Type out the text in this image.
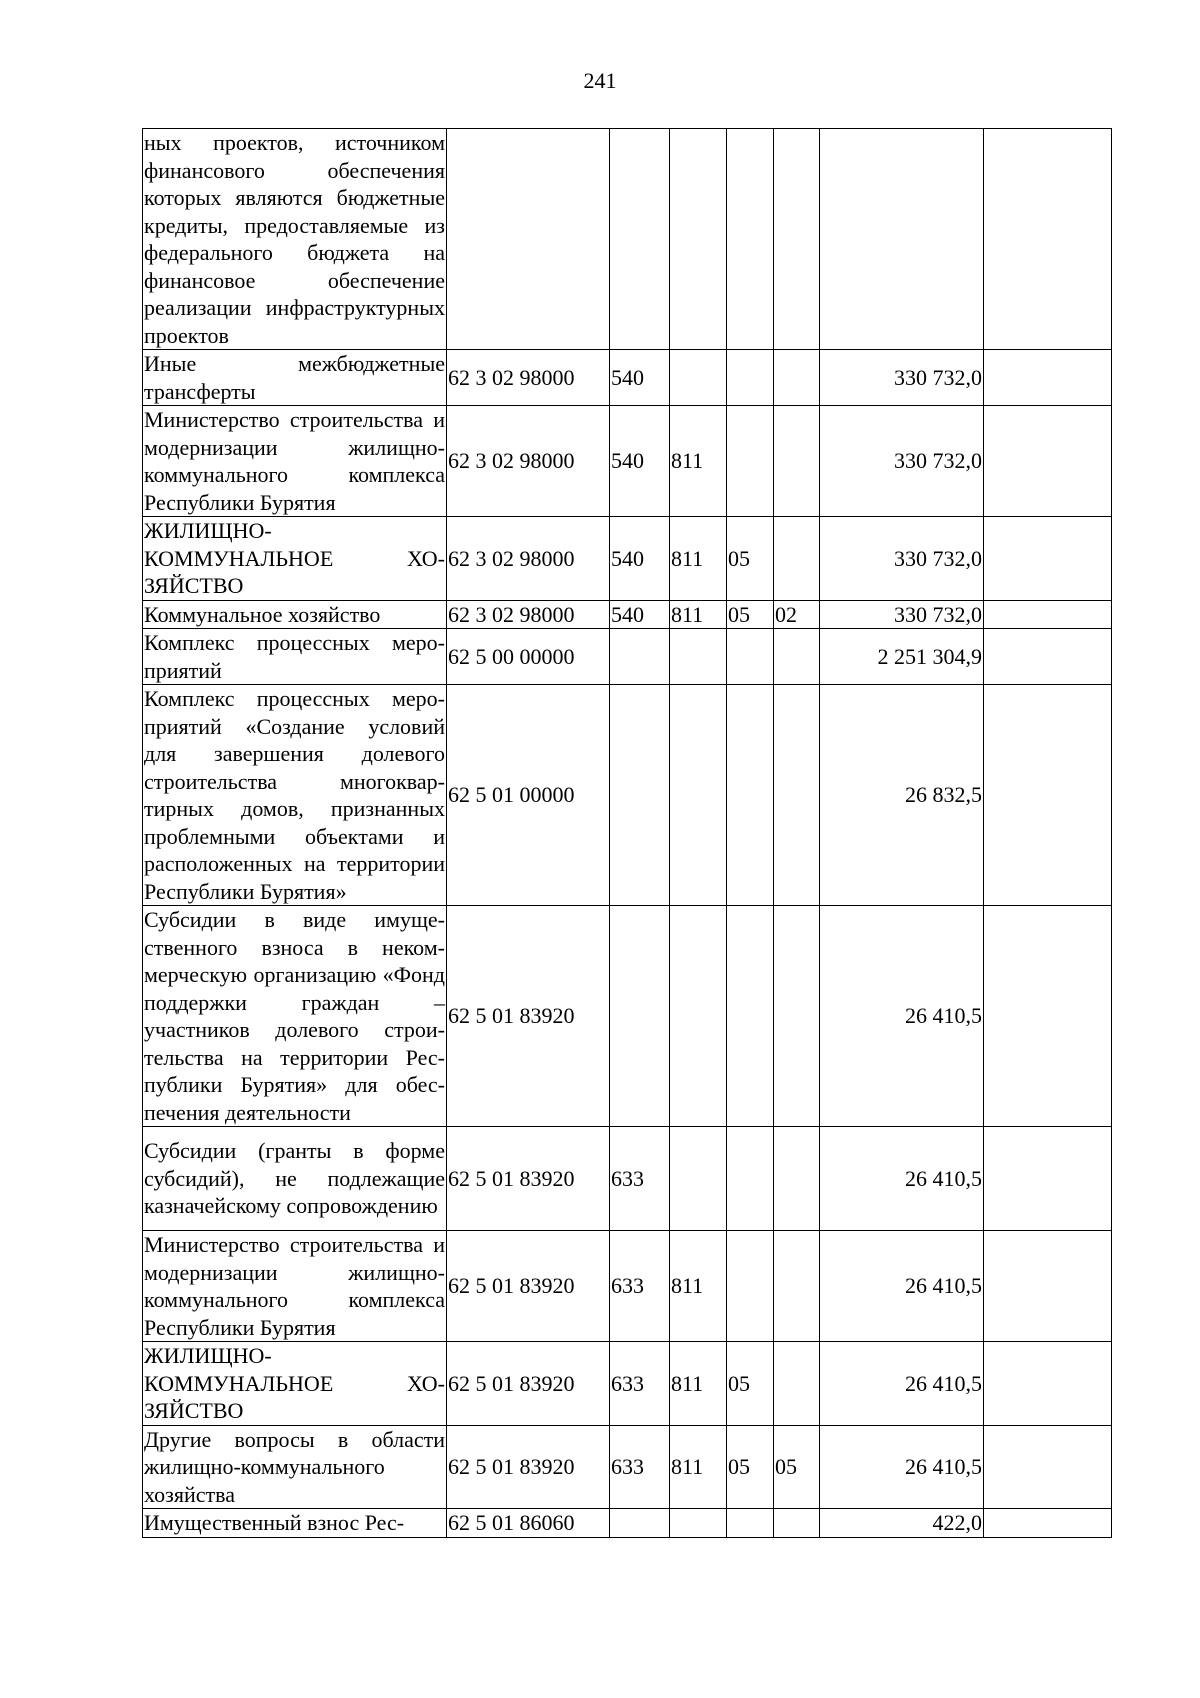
241
ных проектов, источником финансового обеспечения которых являются бюджетные кредиты, предоставляемые из федерального бюджета на финансовое обеспечение реализации инфраструктурных проектов							
Иные межбюджетные трансферты	62 3 02 98000	540				330 732,0	
Министерство строительства и модернизации жилищно-коммунального комплекса Республики Бурятия	62 3 02 98000	540	811			330 732,0	
ЖИЛИЩНО-КОММУНАЛЬНОЕ ХОЗЯЙСТВО	62 3 02 98000	540	811	05		330 732,0	
Коммунальное хозяйство	62 3 02 98000	540	811	05	02	330 732,0	
Комплекс процессных мероприятий	62 5 00 00000					2 251 304,9	
Комплекс процессных мероприятий «Создание условий для завершения долевого строительства многоквартирных домов, признанных проблемными объектами и расположенных на территории Республики Бурятия»	62 5 01 00000					26 832,5	
Субсидии в виде имущественного взноса в некоммерческую организацию «Фонд поддержки граждан – участников долевого строительства на территории Республики Бурятия» для обеспечения деятельности	62 5 01 83920					26 410,5	
Субсидии (гранты в форме субсидий), не подлежащие казначейскому сопровождению	62 5 01 83920	633				26 410,5	
Министерство строительства и модернизации жилищно-коммунального комплекса Республики Бурятия	62 5 01 83920	633	811			26 410,5	
ЖИЛИЩНО-КОММУНАЛЬНОЕ ХОЗЯЙСТВО	62 5 01 83920	633	811	05		26 410,5	
Другие вопросы в области жилищно-коммунального хозяйства	62 5 01 83920	633	811	05	05	26 410,5	
Имущественный взнос Рес-	62 5 01 86060					422,0	
